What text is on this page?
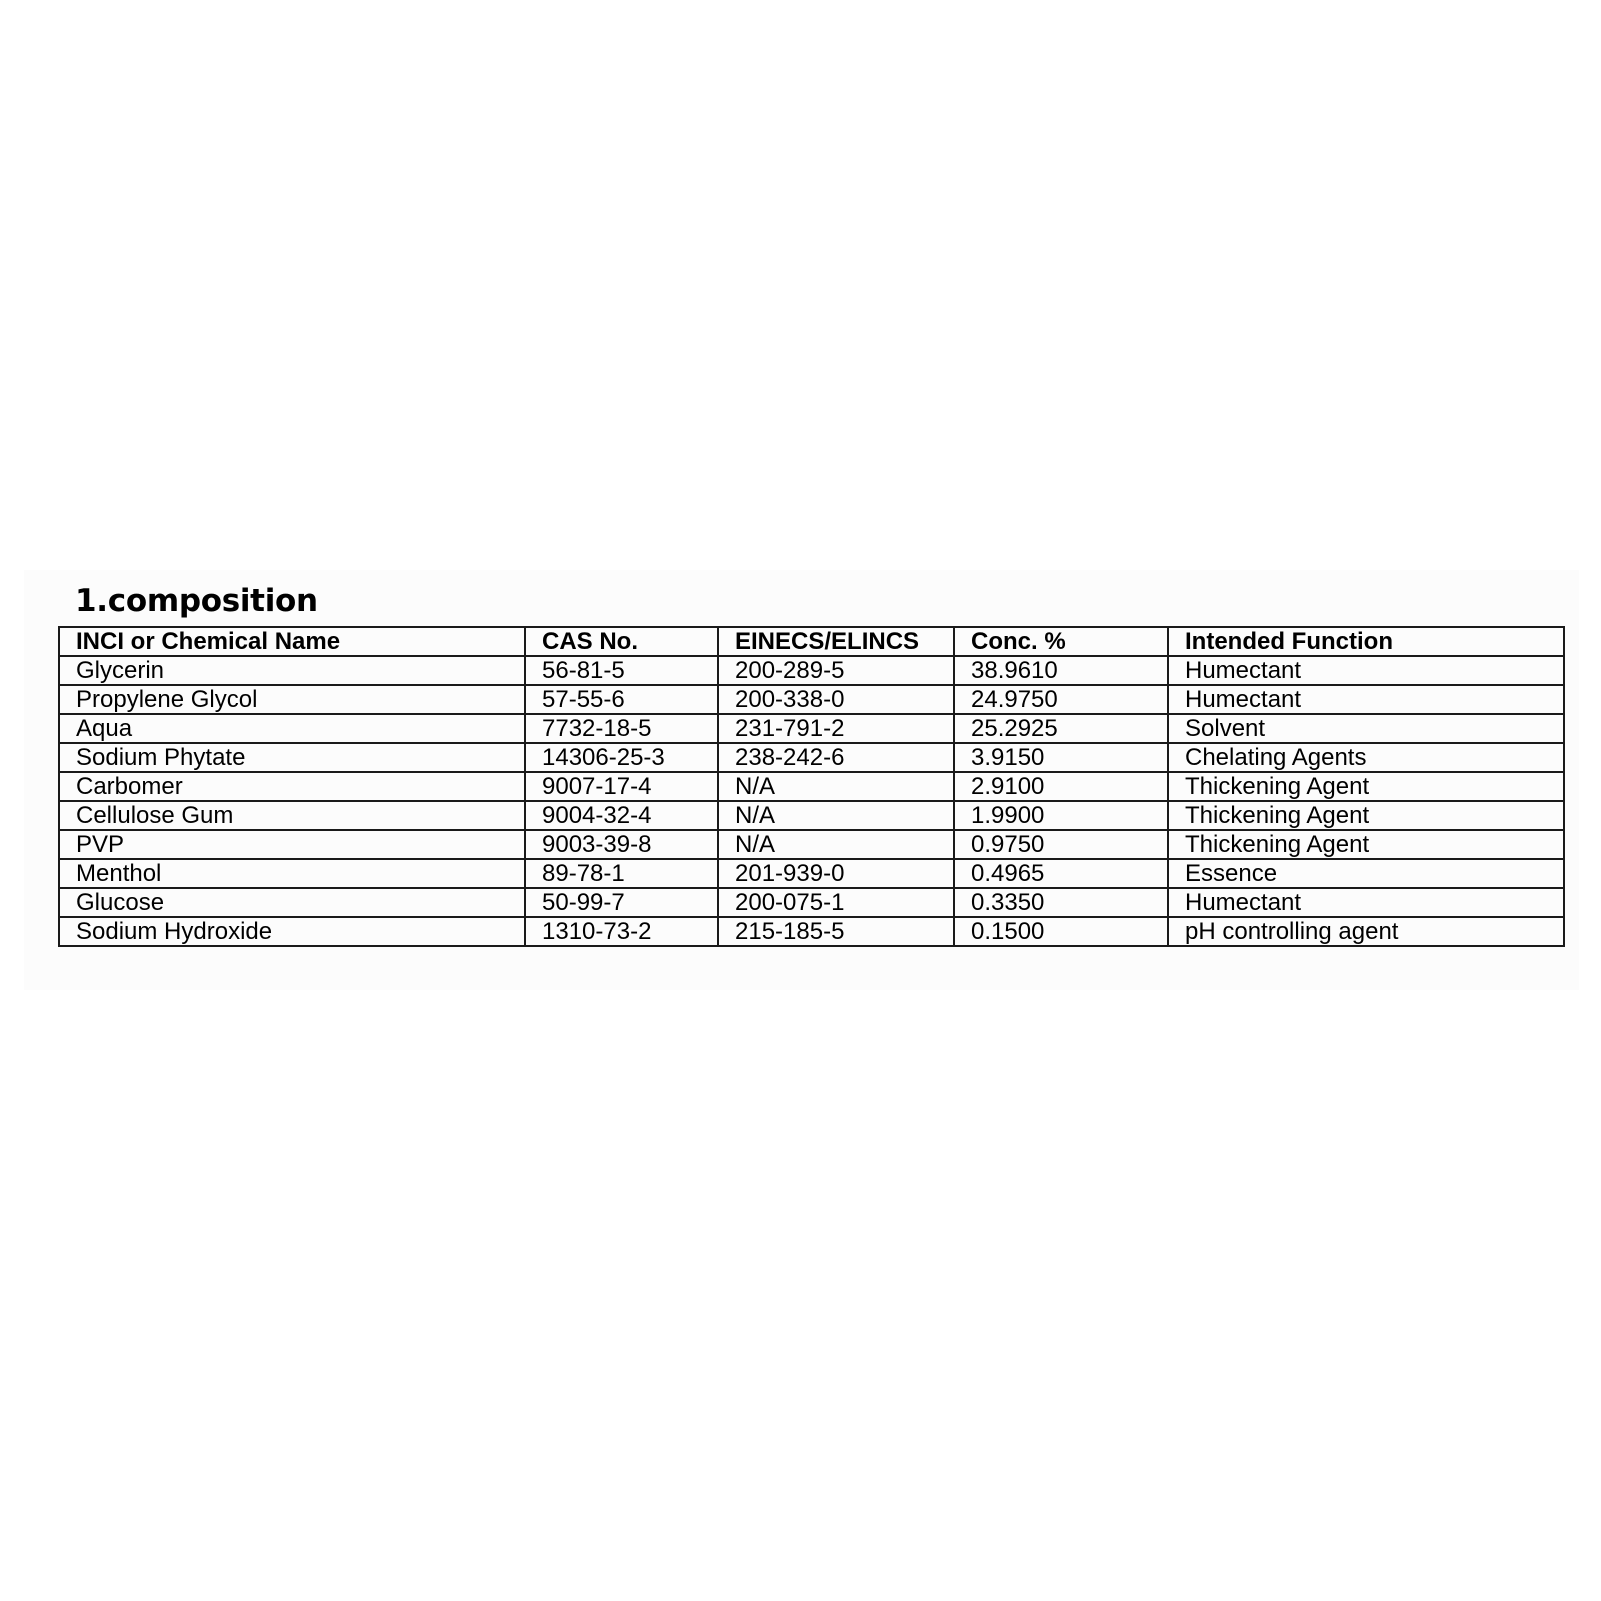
1.composition
INCI or Chemical Name	CAS No.	EINECS/ELINCS	Conc. %	Intended Function
Glycerin	56-81-5	200-289-5	38.9610	Humectant
Propylene Glycol	57-55-6	200-338-0	24.9750	Humectant
Aqua	7732-18-5	231-791-2	25.2925	Solvent
Sodium Phytate	14306-25-3	238-242-6	3.9150	Chelating Agents
Carbomer	9007-17-4	N/A	2.9100	Thickening Agent
Cellulose Gum	9004-32-4	N/A	1.9900	Thickening Agent
PVP	9003-39-8	N/A	0.9750	Thickening Agent
Menthol	89-78-1	201-939-0	0.4965	Essence
Glucose	50-99-7	200-075-1	0.3350	Humectant
Sodium Hydroxide	1310-73-2	215-185-5	0.1500	pH controlling agent
